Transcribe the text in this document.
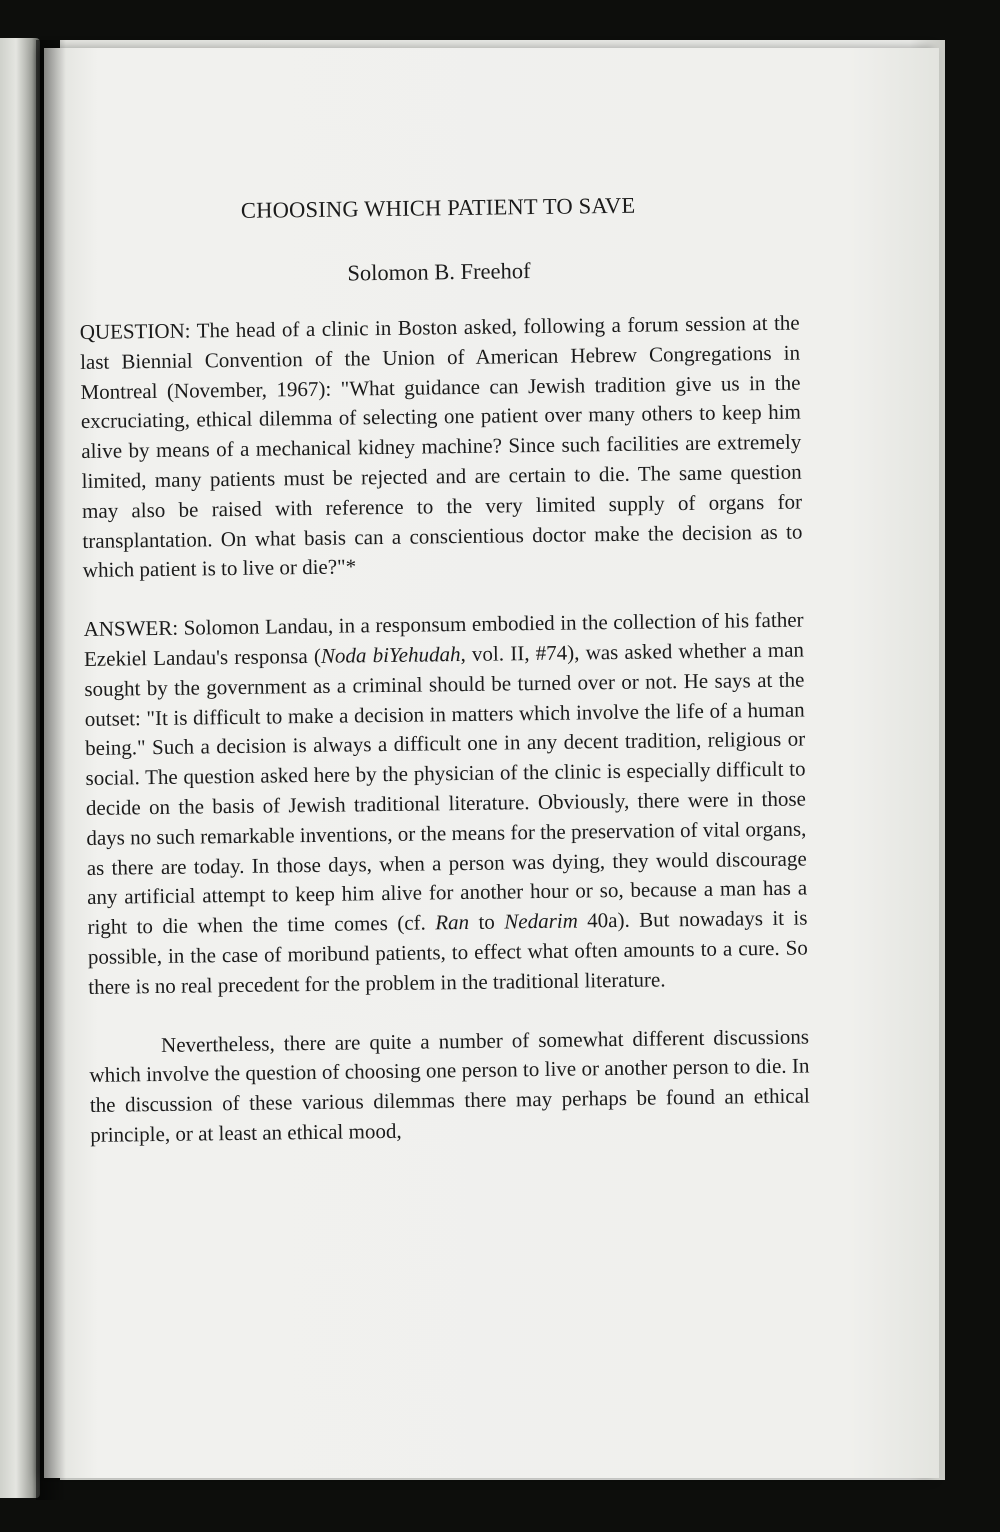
CHOOSING WHICH PATIENT TO SAVE
Solomon B. Freehof

QUESTION: The head of a clinic in Boston asked, following a forum session at the last Biennial Convention of the Union of American Hebrew Congregations in Montreal (November, 1967): "What guidance can Jewish tradition give us in the excruciating, ethical dilemma of selecting one patient over many others to keep him alive by means of a mechanical kidney machine? Since such facilities are extremely limited, many patients must be rejected and are certain to die. The same question may also be raised with reference to the very limited supply of organs for transplantation. On what basis can a conscientious doctor make the decision as to which patient is to live or die?"*

ANSWER: Solomon Landau, in a responsum embodied in the collection of his father Ezekiel Landau's responsa (Noda biYehudah, vol. II, #74), was asked whether a man sought by the government as a criminal should be turned over or not. He says at the outset: "It is difficult to make a decision in matters which involve the life of a human being." Such a decision is always a difficult one in any decent tradition, religious or social. The question asked here by the physician of the clinic is especially difficult to decide on the basis of Jewish traditional literature. Obviously, there were in those days no such remarkable inventions, or the means for the preservation of vital organs, as there are today. In those days, when a person was dying, they would discourage any artificial attempt to keep him alive for another hour or so, because a man has a right to die when the time comes (cf. Ran to Nedarim 40a). But nowadays it is possible, in the case of moribund patients, to effect what often amounts to a cure. So there is no real precedent for the problem in the traditional literature.

Nevertheless, there are quite a number of somewhat different discussions which involve the question of choosing one person to live or another person to die. In the discussion of these various dilemmas there may perhaps be found an ethical principle, or at least an ethical mood,
